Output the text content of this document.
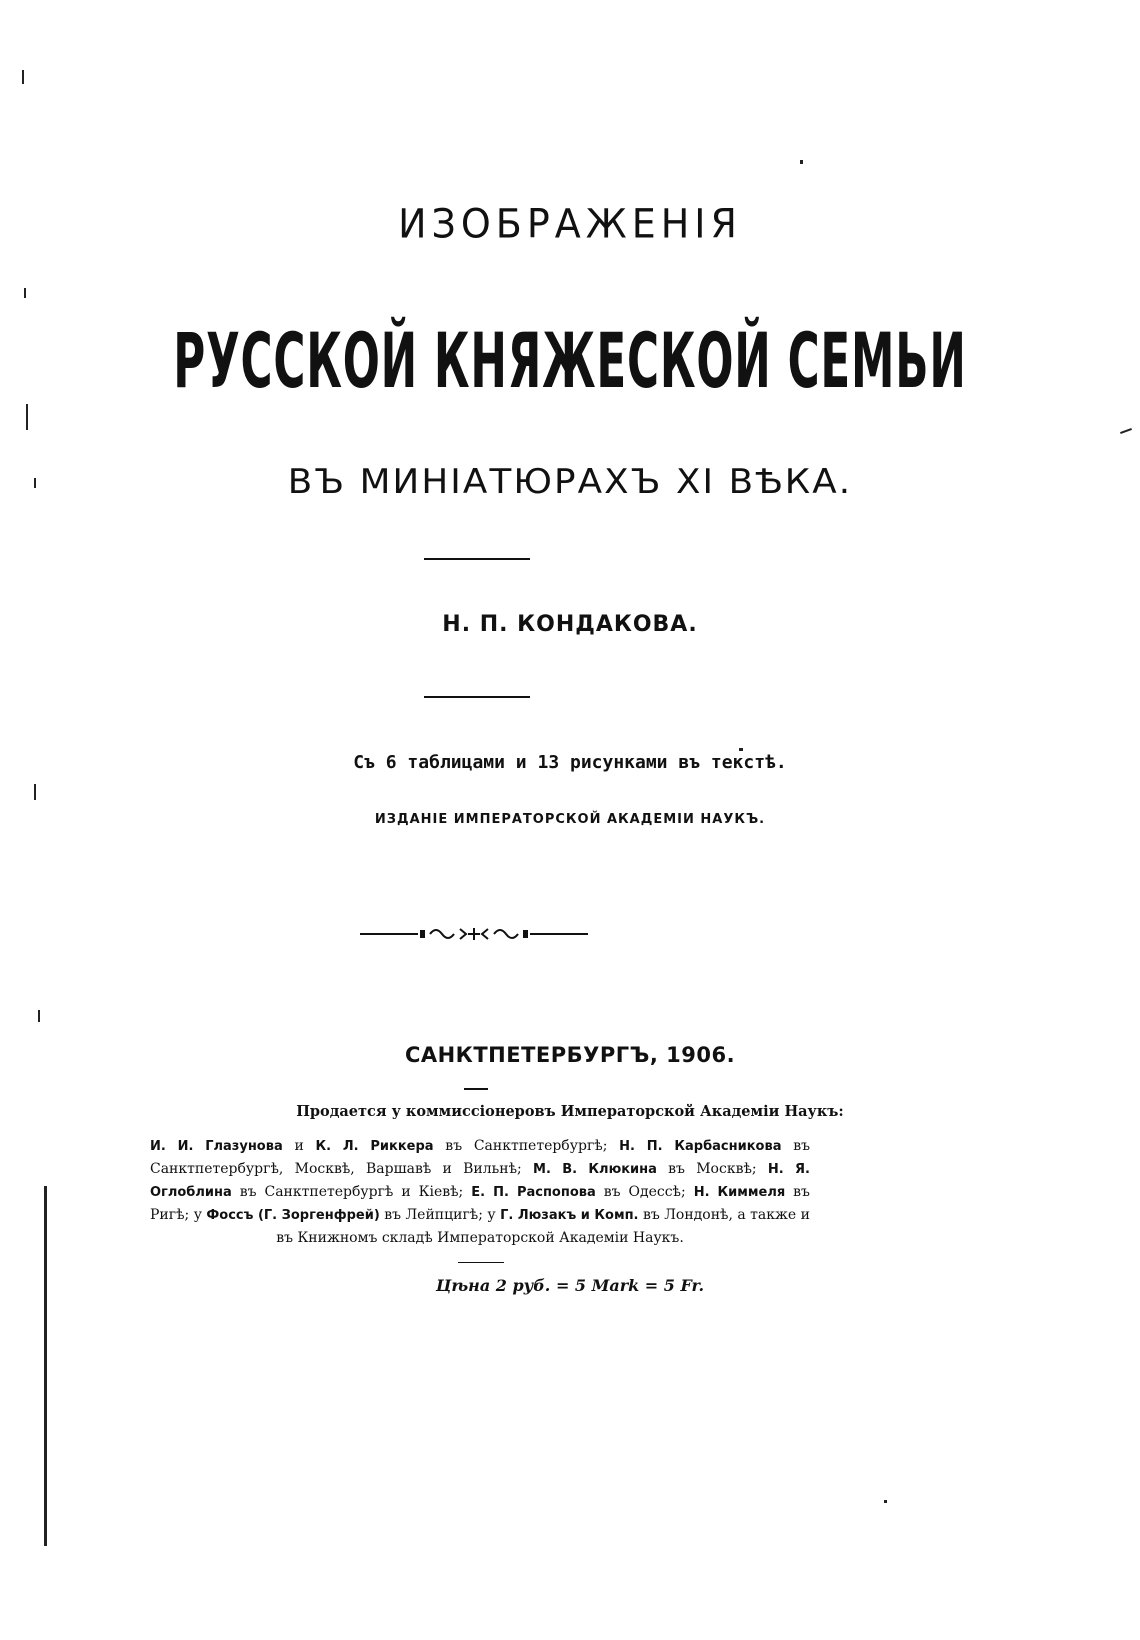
ИЗОБРАЖЕНІЯ
РУССКОЙ КНЯЖЕСКОЙ СЕМЬИ
ВЪ МИНІАТЮРАХЪ XI ВѢКА.
Н. П. КОНДАКОВА.
Съ 6 таблицами и 13 рисунками въ текстѣ.
ИЗДАНІЕ ИМПЕРАТОРСКОЙ АКАДЕМІИ НАУКЪ.
САНКТПЕТЕРБУРГЪ, 1906.
Продается у коммиссіонеровъ Императорской Академіи Наукъ:
И. И. Глазунова и К. Л. Риккера въ Санктпетербургѣ; Н. П. Карбасникова въ Санктпетербургѣ, Москвѣ, Варшавѣ и Вильнѣ; М. В. Клюкина въ Москвѣ; Н. Я. Оглоблина въ Санктпетербургѣ и Кіевѣ; Е. П. Распопова въ Одессѣ; Н. Киммеля въ Ригѣ; у Фоссъ (Г. Зоргенфрей) въ Лейпцигѣ; у Г. Люзакъ и Комп. въ Лондонѣ, а также и въ Книжномъ складѣ Императорской Академіи Наукъ.
Цѣна 2 руб. = 5 Mark = 5 Fr.
